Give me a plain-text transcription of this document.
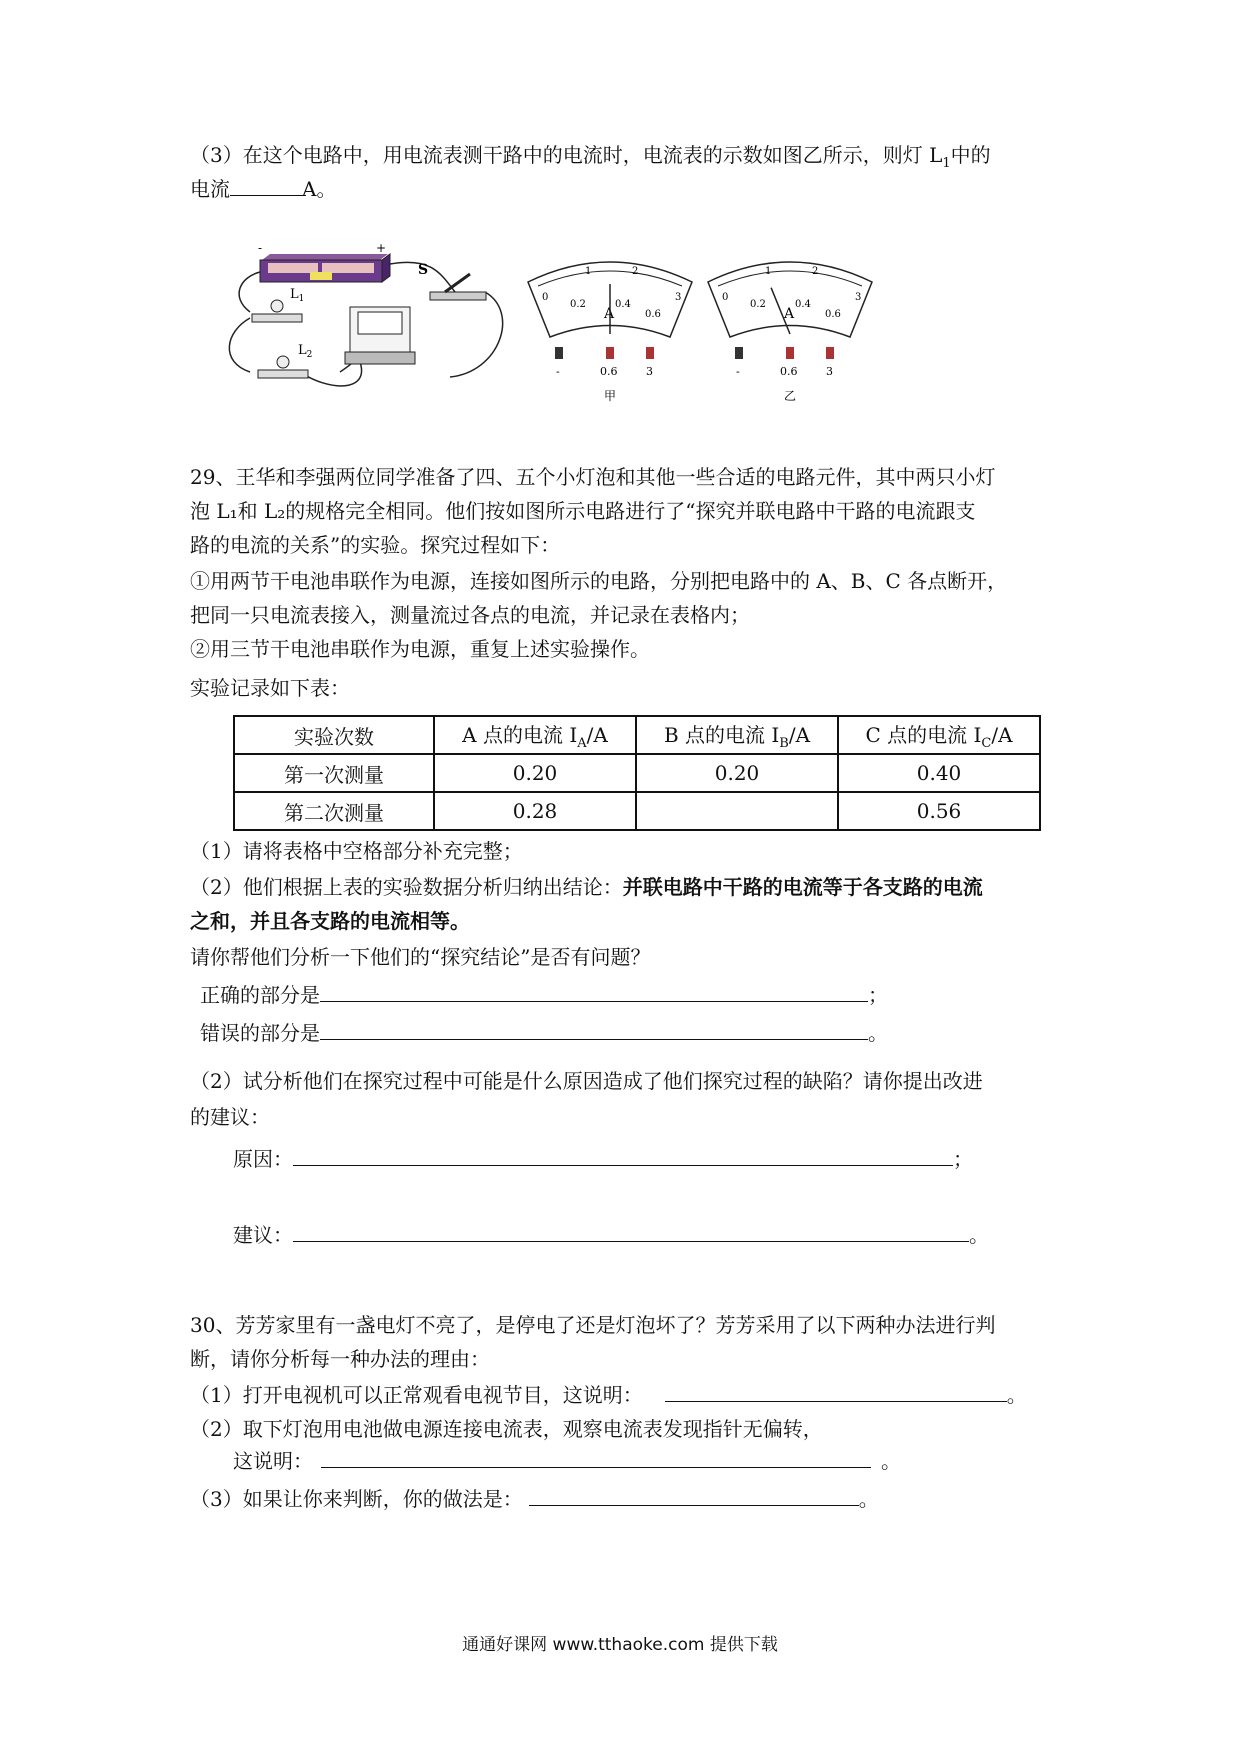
（3）在这个电路中，用电流表测干路中的电流时，电流表的示数如图乙所示，则灯 $L_1$中的
电流	A。
-	+
$L_1$
$L_2$
S
0
1	2
3
0.2	0.4
0.6
A
-	0.6	3
甲
0
1	2
3
0.2	0.4
0.6
A
-	0.6	3
乙
29、王华和李强两位同学准备了四、五个小灯泡和其他一些合适的电路元件，其中两只小灯
泡 L₁和 L₂的规格完全相同。他们按如图所示电路进行了“探究并联电路中干路的电流跟支
路的电流的关系”的实验。探究过程如下：
①用两节干电池串联作为电源，连接如图所示的电路，分别把电路中的 A、B、C 各点断开，
把同一只电流表接入，测量流过各点的电流，并记录在表格内；
②用三节干电池串联作为电源，重复上述实验操作。
实验记录如下表：
实验次数	A 点的电流 $I_A/A$	B 点的电流 $I_B/A$	C 点的电流 $I_C/A$
第一次测量	0.20	0.20	0.40
第二次测量	0.28		0.56
（1）请将表格中空格部分补充完整；
（2）他们根据上表的实验数据分析归纳出结论：并联电路中干路的电流等于各支路的电流
之和，并且各支路的电流相等。
请你帮他们分析一下他们的“探究结论”是否有问题？
正确的部分是	；
错误的部分是	。
（2）试分析他们在探究过程中可能是什么原因造成了他们探究过程的缺陷？请你提出改进
的建议：
原因：	；
建议：	。
30、芳芳家里有一盏电灯不亮了，是停电了还是灯泡坏了？芳芳采用了以下两种办法进行判
断，请你分析每一种办法的理由：
（1）打开电视机可以正常观看电视节目，这说明：	。
（2）取下灯泡用电池做电源连接电流表，观察电流表发现指针无偏转，
这说明：	。
（3）如果让你来判断，你的做法是：	。
通通好课网 www.tthaoke.com 提供下载
